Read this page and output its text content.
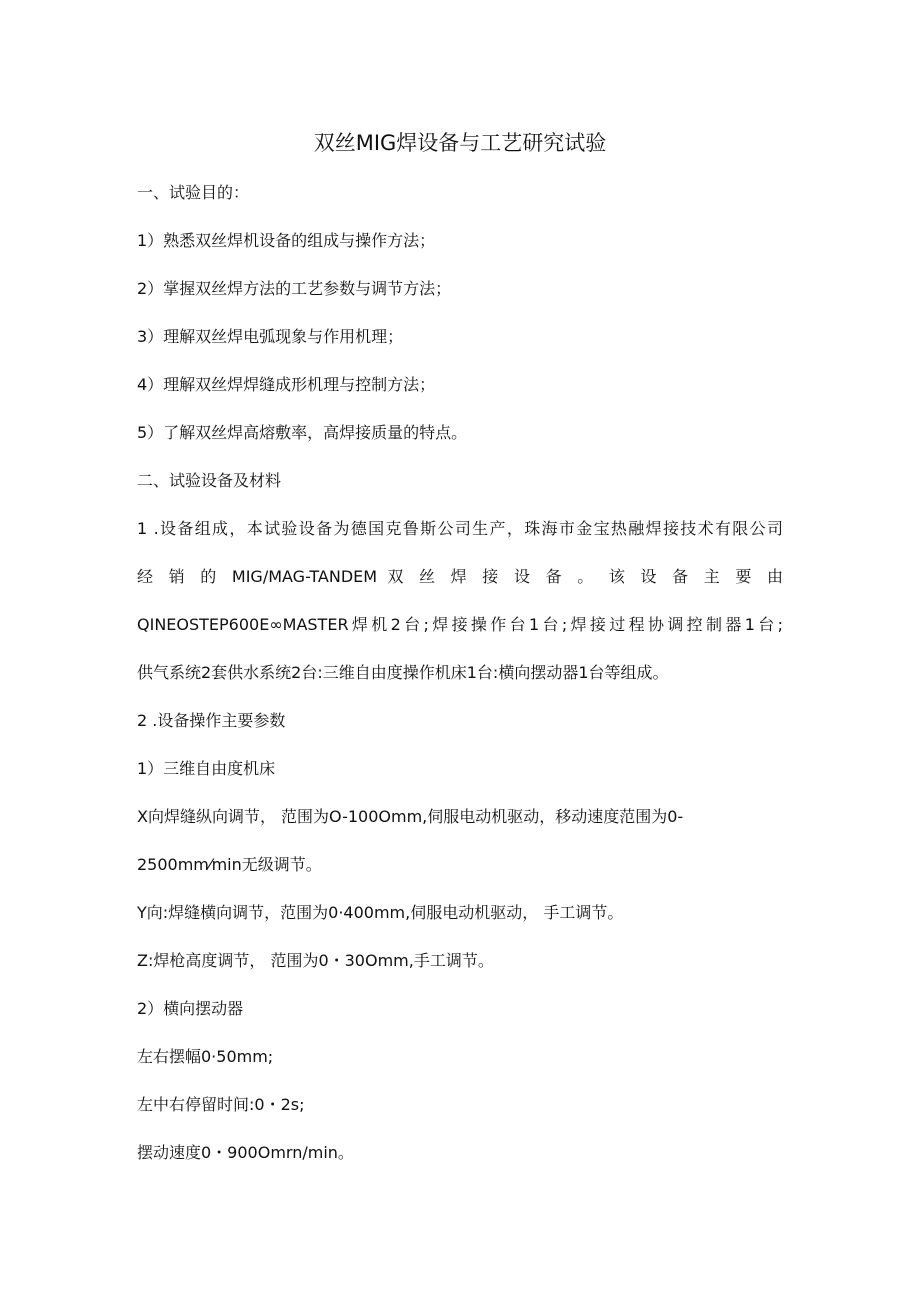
双丝MIG焊设备与工艺研究试验
一、试验目的：
1）熟悉双丝焊机设备的组成与操作方法；
2）掌握双丝焊方法的工艺参数与调节方法；
3）理解双丝焊电弧现象与作用机理；
4）理解双丝焊焊缝成形机理与控制方法；
5）了解双丝焊高熔敷率，高焊接质量的特点。
二、试验设备及材料
1 .设备组成，本试验设备为德国克鲁斯公司生产，珠海市金宝热融焊接技术有限公司
经 销 的 MIG/MAG-TANDEM 双 丝 焊 接 设 备 。 该 设 备 主 要 由
QINEOSTEP600E∞MASTER焊机2台;焊接操作台1台;焊接过程协调控制器1台;
供气系统2套供水系统2台:三维自由度操作机床1台:横向摆动器1台等组成。
2 .设备操作主要参数
1）三维自由度机床
X向焊缝纵向调节， 范围为O-100Omm,伺服电动机驱动，移动速度范围为0-
2500mm⁄min无级调节。
Y向:焊缝横向调节，范围为0·400mm,伺服电动机驱动， 手工调节。
Z:焊枪高度调节， 范围为0・30Omm,手工调节。
2）横向摆动器
左右摆幅0·50mm;
左中右停留时间:0・2s;
摆动速度0・900Omrn/min。
